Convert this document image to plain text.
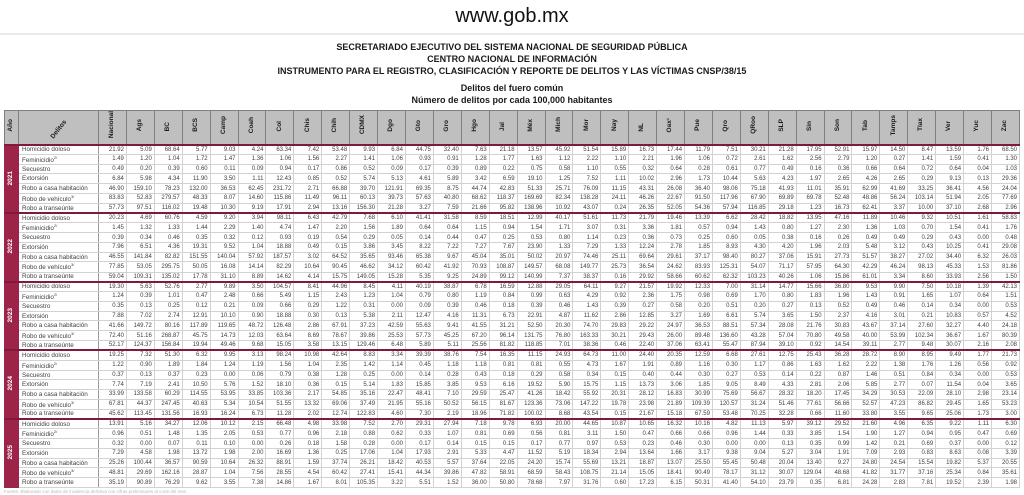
www.gob.mx
SECRETARIADO EJECUTIVO DEL SISTEMA NACIONAL DE SEGURIDAD PÚBLICA
CENTRO NACIONAL DE INFORMACIÓN
INSTRUMENTO PARA EL REGISTRO, CLASIFICACIÓN Y REPORTE DE DELITOS Y LAS VÍCTIMAS CNSP/38/15
Delitos del fuero común
Número de delitos por cada 100,000 habitantes
Año	Delitos	Nacional	Ags	BC	BCS	Camp	Coah	Col	Chis	Chih	CDMX	Dgo	Gto	Gro	Hgo	Jal	Méx	Mich	Mor	Nay	NL	Oax¹	Pue	Qro	QRoo	SLP	Sin	Son	Tab	Tamps	Tlax	Ver	Yuc	Zac
2021	Homicidio doloso	21.92	5.09	68.64	5.77	9.03	4.24	63.34	7.42	53.48	9.93	6.84	44.75	32.40	7.63	21.18	13.57	45.92	51.54	15.89	16.73	17.44	11.79	7.51	30.21	21.28	17.95	52.91	15.97	14.50	8.47	13.59	1.76	68.50
	Feminicidio$^{2/}$	1.49	1.20	1.04	1.72	1.47	1.36	1.06	1.56	2.27	1.41	1.06	0.93	0.91	1.28	1.77	1.63	1.12	2.22	1.10	2.21	1.96	1.06	0.72	2.61	1.62	2.56	2.79	1.20	0.27	1.41	1.59	0.41	1.30
	Secuestro	0.49	0.20	0.39	0.60	0.11	0.09	0.94	0.17	0.86	0.52	0.09	0.17	0.39	0.89	0.22	0.75	0.58	1.10	0.55	0.32	0.64	0.28	0.61	0.77	0.49	0.16	0.36	0.66	0.64	0.72	0.64	0.04	1.03
	Extorsión	6.84	5.98	4.34	11.90	3.50	1.11	12.43	0.85	0.52	5.74	5.13	4.61	5.89	3.42	6.59	19.10	1.25	7.52	1.11	10.02	2.96	1.73	10.44	5.63	4.23	1.97	2.65	4.26	2.65	0.29	9.13	0.13	29.36
	Robo a casa habitación	46.90	159.10	78.23	132.00	36.53	62.45	231.72	2.71	66.88	39.70	121.91	69.35	8.75	44.74	42.83	51.33	25.71	76.09	11.15	43.31	26.08	36.40	98.06	75.18	41.93	11.01	35.91	62.99	41.69	33.25	36.41	4.56	24.04
	Robo de vehículo$^{3/}$	83.83	52.83	279.57	48.33	8.07	14.60	115.86	11.49	96.11	60.13	39.73	57.63	40.80	68.62	118.37	169.69	82.34	138.28	24.11	46.26	22.67	91.50	117.96	67.90	69.89	69.78	52.48	48.86	56.24	103.14	51.94	2.05	77.69
	Robo a transeúnte	57.73	97.51	116.02	19.48	10.30	9.19	17.91	2.94	13.16	156.30	21.28	3.27	7.59	21.66	95.82	138.96	10.92	43.07	0.24	26.35	52.05	54.36	57.94	116.85	29.18	1.23	16.73	62.41	3.37	10.00	37.10	2.68	2.96
2022	Homicidio doloso	20.23	4.69	60.76	4.59	9.20	3.94	98.11	6.43	42.79	7.68	6.10	41.41	31.58	8.59	18.51	12.99	40.17	51.61	11.73	21.79	19.46	13.39	6.62	28.42	18.82	13.95	47.16	11.89	10.46	9.32	10.51	1.61	58.83
	Feminicidio$^{2/}$	1.45	1.32	1.33	1.44	2.29	1.40	4.74	1.47	2.20	1.56	1.89	0.64	0.64	1.15	0.94	1.54	1.71	3.07	0.31	3.36	1.81	0.57	0.94	1.43	0.80	1.27	2.30	1.36	1.03	0.70	1.54	0.41	1.76
	Secuestro	0.39	0.34	0.46	0.35	0.32	0.12	0.93	0.19	0.54	0.29	0.05	0.14	0.44	0.47	0.25	0.53	0.80	1.14	0.23	0.36	0.73	0.25	0.60	0.05	0.38	0.16	0.26	0.49	0.49	0.29	0.43	0.00	0.48
	Extorsión	7.96	6.51	4.36	19.31	9.52	1.04	18.88	0.49	0.15	3.86	3.45	8.22	7.22	7.27	7.67	23.90	1.33	7.29	1.33	12.24	2.78	1.85	8.93	4.30	4.20	1.96	2.03	5.48	3.12	0.43	10.25	0.41	29.08
	Robo a casa habitación	46.55	141.84	82.82	151.55	140.04	57.92	187.57	3.02	64.52	35.65	93.46	65.38	9.67	45.04	35.01	50.02	20.97	74.46	25.11	69.64	29.61	37.17	98.40	80.27	37.06	15.91	27.73	51.57	38.27	27.02	34.40	6.32	26.03
	Robo de vehículo$^{3/}$	77.85	53.05	295.75	50.05	16.08	14.14	82.29	10.64	90.45	46.62	34.12	60.42	41.92	70.93	108.87	149.57	68.08	149.77	25.73	36.54	24.62	83.93	125.31	54.07	71.17	57.95	64.30	42.29	46.24	98.13	45.33	1.53	81.86
	Robo a transeúnte	59.04	109.31	135.02	17.78	31.10	8.89	14.62	4.14	15.75	149.05	15.28	5.35	9.25	24.89	99.12	140.99	7.37	38.37	0.16	29.92	58.66	60.62	62.32	103.23	40.26	1.06	15.86	61.01	3.34	8.60	33.93	2.56	1.50
2023	Homicidio doloso	19.30	5.63	52.76	2.77	9.89	3.50	104.57	8.41	44.96	8.45	4.11	40.19	38.87	6.78	16.59	12.88	29.05	64.11	9.27	21.57	19.92	12.33	7.00	31.14	14.77	15.66	36.80	9.53	9.90	7.50	10.18	1.39	42.13
	Feminicidio$^{2/}$	1.24	0.39	1.01	0.47	2.48	0.66	5.49	1.15	2.43	1.23	1.04	0.79	0.80	1.19	0.84	0.99	0.63	4.29	0.92	2.36	1.75	0.98	0.69	1.70	0.80	1.83	1.96	1.43	0.91	1.65	1.07	0.64	1.51
	Secuestro	0.35	0.13	0.25	0.12	0.21	0.09	0.66	0.29	1.22	0.31	0.00	0.09	0.39	0.46	0.18	0.39	0.46	1.43	0.39	0.27	0.58	0.20	0.51	0.20	0.27	0.13	0.52	0.49	0.46	0.14	0.34	0.00	0.53
	Extorsión	7.88	7.02	2.74	12.91	10.10	0.90	18.88	0.30	0.13	5.38	2.11	12.47	4.16	11.31	6.73	22.91	4.87	11.62	2.86	12.85	3.27	1.69	6.61	5.74	3.65	1.50	2.37	4.16	3.01	0.21	10.83	0.57	4.52
	Robo a casa habitación	41.66	149.72	80.16	117.89	119.65	48.72	126.48	2.86	67.91	37.23	42.59	55.63	9.41	41.55	31.21	52.50	20.30	74.70	29.83	29.22	24.97	36.53	88.51	57.34	28.08	21.76	30.83	43.67	37.14	27.60	32.27	4.40	24.18
	Robo de vehículo$^{3/}$	72.40	51.16	268.87	45.75	14.73	12.03	63.64	8.69	78.67	39.86	25.53	57.73	45.25	67.20	96.14	131.75	76.80	163.33	30.21	29.43	26.00	89.48	136.60	43.28	57.04	70.80	49.58	40.00	53.99	102.34	36.67	1.67	80.39
	Robo a transeúnte	52.17	124.37	156.84	19.94	49.46	9.68	15.05	3.58	13.15	129.46	6.48	5.89	5.11	25.56	81.82	118.85	7.01	38.36	0.46	22.40	37.06	63.41	55.47	87.94	39.10	0.92	14.54	39.11	2.77	9.48	30.07	2.16	2.08
2024	Homicidio doloso	19.25	7.32	51.30	6.32	9.95	3.13	98.24	10.98	42.64	8.83	3.34	39.39	38.76	7.54	16.35	11.15	24.93	64.73	11.00	24.40	20.35	12.59	6.68	27.61	12.75	25.43	36.28	28.72	8.90	8.95	9.49	1.77	21.73
	Feminicidio$^{2/}$	1.22	0.90	1.89	1.84	1.24	1.19	1.56	1.04	2.35	1.42	1.14	0.45	1.18	1.18	0.81	0.81	0.55	4.73	1.67	1.91	0.89	1.16	0.30	1.17	0.86	1.63	1.62	2.22	1.38	1.76	1.26	0.56	0.92
	Secuestro	0.37	0.13	0.37	0.23	0.00	0.06	0.79	0.38	1.28	0.25	0.00	0.14	0.28	0.43	0.18	0.29	0.58	0.34	0.15	0.40	0.44	0.30	0.27	0.53	0.14	0.22	0.87	1.46	0.51	0.84	0.34	0.00	0.53
	Extorsión	7.74	7.19	2.41	10.50	5.76	1.52	18.10	0.36	0.15	5.14	1.83	15.85	3.85	9.53	6.16	19.52	5.90	15.75	1.15	13.73	3.06	1.85	9.05	8.49	4.33	2.81	2.06	5.85	2.77	0.07	11.54	0.04	3.65
	Robo a casa habitación	33.99	133.58	60.29	114.55	53.95	33.85	103.36	2.17	54.85	35.16	22.47	48.41	7.10	29.59	25.47	41.26	18.42	55.92	20.31	28.12	16.83	30.99	75.69	56.67	28.32	18.20	17.45	34.29	30.53	22.09	28.10	2.98	23.14
	Robo de vehículo$^{3/}$	67.81	44.37	247.45	40.63	5.34	10.54	51.55	13.32	69.06	37.49	21.95	55.16	50.52	56.15	81.67	123.36	73.06	147.22	19.78	23.98	21.89	109.39	120.57	31.24	51.46	77.61	56.66	52.57	47.23	86.82	29.45	1.65	53.23
	Robo a transeúnte	45.62	113.45	131.56	16.93	16.24	6.73	11.28	2.02	12.74	122.83	4.60	7.30	2.19	18.96	71.82	100.02	8.68	43.54	0.15	21.67	15.18	67.59	53.48	70.25	32.28	0.66	11.60	33.80	3.55	9.65	25.06	1.73	3.00
2025	Homicidio doloso	13.91	5.16	34.27	12.06	10.12	2.15	66.48	4.98	33.98	7.52	2.70	29.31	27.94	7.18	9.78	6.93	20.00	44.65	10.87	10.65	16.32	10.16	4.82	11.13	5.97	39.12	29.52	21.60	4.96	6.35	9.22	1.11	6.30
	Feminicidio$^{2/}$	0.96	0.51	1.48	1.35	2.05	0.53	0.77	0.96	2.18	0.88	0.62	0.33	1.07	0.81	0.69	0.56	0.81	3.11	1.50	0.47	0.66	0.66	0.96	1.44	0.33	3.85	1.54	1.90	1.27	0.94	0.95	0.47	0.69
	Secuestro	0.32	0.00	0.07	0.11	0.10	0.00	0.26	0.18	1.58	0.28	0.00	0.17	0.14	0.15	0.15	0.17	0.77	0.97	0.53	0.23	0.46	0.30	0.00	0.00	0.13	0.35	0.99	1.42	0.21	0.69	0.37	0.00	0.12
	Extorsión	7.29	4.58	1.98	13.72	1.98	2.00	16.69	1.36	0.25	17.06	1.04	17.93	2.91	5.33	4.47	11.52	5.19	18.34	2.94	13.64	1.66	3.17	9.38	9.04	5.27	3.04	1.91	7.09	2.93	0.83	8.63	0.08	3.39
	Robo a casa habitación	25.26	100.44	36.57	90.59	10.64	26.32	88.91	1.59	37.74	26.21	18.42	40.53	5.57	37.64	22.05	24.20	15.74	55.69	13.21	18.87	13.07	25.50	55.45	50.48	20.04	13.40	9.27	24.80	24.54	15.54	19.82	5.37	20.55
	Robo de vehículo$^{3/}$	48.81	29.69	162.16	28.87	1.04	7.56	28.55	4.54	60.42	27.41	15.41	44.34	39.86	47.82	58.91	68.59	58.43	108.75	21.14	15.05	18.41	90.49	78.17	31.12	30.07	129.04	48.68	41.82	31.77	37.16	25.34	0.84	35.61
	Robo a transeúnte	35.19	90.89	76.29	9.62	3.55	7.38	14.86	1.67	8.01	105.35	3.22	5.51	1.52	36.00	50.80	78.68	7.97	31.76	0.60	17.23	6.15	50.31	41.40	54.10	23.79	0.35	6.81	24.28	2.83	7.81	19.52	2.39	1.98
Fuente: Elaborado con datos de incidencia delictiva con cifras preliminares al corte del mes.
